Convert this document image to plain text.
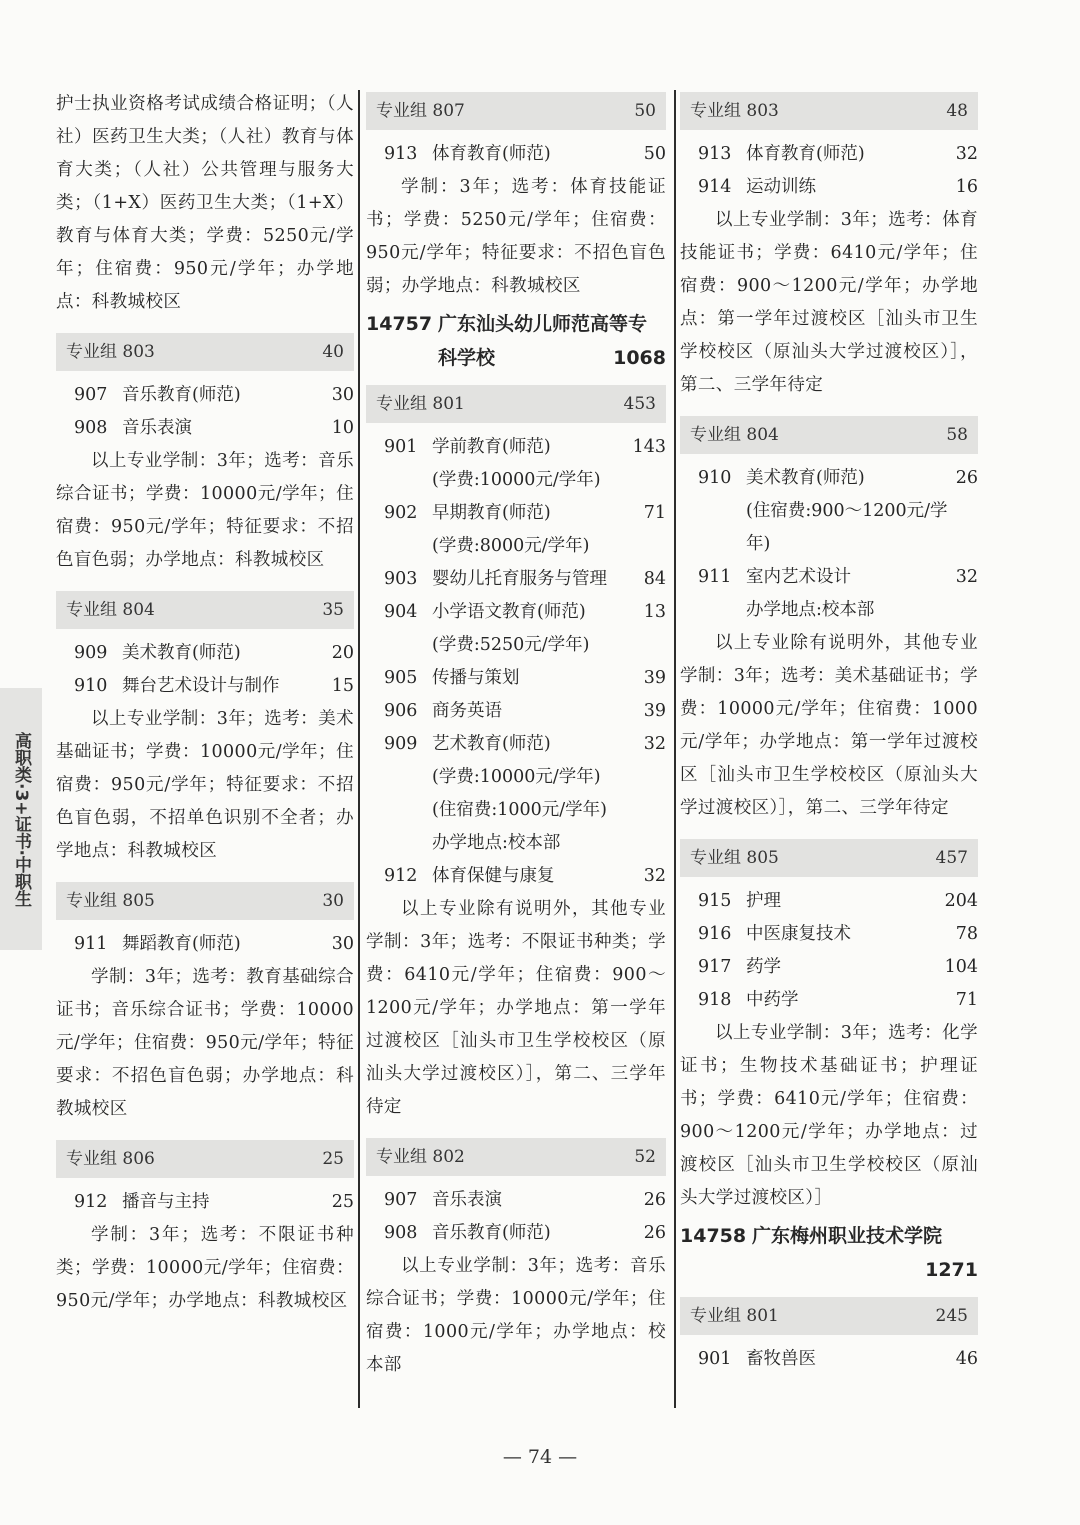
高职类·3+证书·中职生

护士执业资格考试成绩合格证明；（人社）医药卫生大类；（人社）教育与体育大类；（人社）公共管理与服务大类；（1+X）医药卫生大类；（1+X）教育与体育大类；学费：5250元/学年；住宿费：950元/学年；办学地点：科教城校区

专业组 803	40
907 音乐教育(师范)	30
908 音乐表演	10

以上专业学制：3年；选考：音乐综合证书；学费：10000元/学年；住宿费：950元/学年；特征要求：不招色盲色弱；办学地点：科教城校区

专业组 804	35
909 美术教育(师范)	20
910 舞台艺术设计与制作	15

以上专业学制：3年；选考：美术基础证书；学费：10000元/学年；住宿费：950元/学年；特征要求：不招色盲色弱，不招单色识别不全者；办学地点：科教城校区

专业组 805	30
911 舞蹈教育(师范)	30

学制：3年；选考：教育基础综合证书；音乐综合证书；学费：10000元/学年；住宿费：950元/学年；特征要求：不招色盲色弱；办学地点：科教城校区

专业组 806	25
912 播音与主持	25

学制：3年；选考：不限证书种类；学费：10000元/学年；住宿费：950元/学年；办学地点：科教城校区

专业组 807	50
913 体育教育(师范)	50

学制：3年；选考：体育技能证书；学费：5250元/学年；住宿费：950元/学年；特征要求：不招色盲色弱；办学地点：科教城校区

14757 广东汕头幼儿师范高等专
科学校	1068
专业组 801	453
901 学前教育(师范)	143
(学费:10000元/学年)
902 早期教育(师范)	71
(学费:8000元/学年)
903 婴幼儿托育服务与管理	84
904 小学语文教育(师范)	13
(学费:5250元/学年)
905 传播与策划	39
906 商务英语	39
909 艺术教育(师范)	32
(学费:10000元/学年)
(住宿费:1000元/学年)
办学地点:校本部
912 体育保健与康复	32

以上专业除有说明外，其他专业学制：3年；选考：不限证书种类；学费：6410元/学年；住宿费：900～1200元/学年；办学地点：第一学年过渡校区［汕头市卫生学校校区（原汕头大学过渡校区）］，第二、三学年待定

专业组 802	52
907 音乐表演	26
908 音乐教育(师范)	26

以上专业学制：3年；选考：音乐综合证书；学费：10000元/学年；住宿费：1000元/学年；办学地点：校本部

专业组 803	48
913 体育教育(师范)	32
914 运动训练	16

以上专业学制：3年；选考：体育技能证书；学费：6410元/学年；住宿费：900～1200元/学年；办学地点：第一学年过渡校区［汕头市卫生学校校区（原汕头大学过渡校区）］，第二、三学年待定

专业组 804	58
910 美术教育(师范)	26
(住宿费:900～1200元/学
年)
911 室内艺术设计	32
办学地点:校本部

以上专业除有说明外，其他专业学制：3年；选考：美术基础证书；学费：10000元/学年；住宿费：1000元/学年；办学地点：第一学年过渡校区［汕头市卫生学校校区（原汕头大学过渡校区）］，第二、三学年待定

专业组 805	457
915 护理	204
916 中医康复技术	78
917 药学	104
918 中药学	71

以上专业学制：3年；选考：化学证书；生物技术基础证书；护理证书；学费：6410元/学年；住宿费：900～1200元/学年；办学地点：过渡校区［汕头市卫生学校校区（原汕头大学过渡校区）］

14758 广东梅州职业技术学院
1271
专业组 801	245
901 畜牧兽医	46
— 74 —
